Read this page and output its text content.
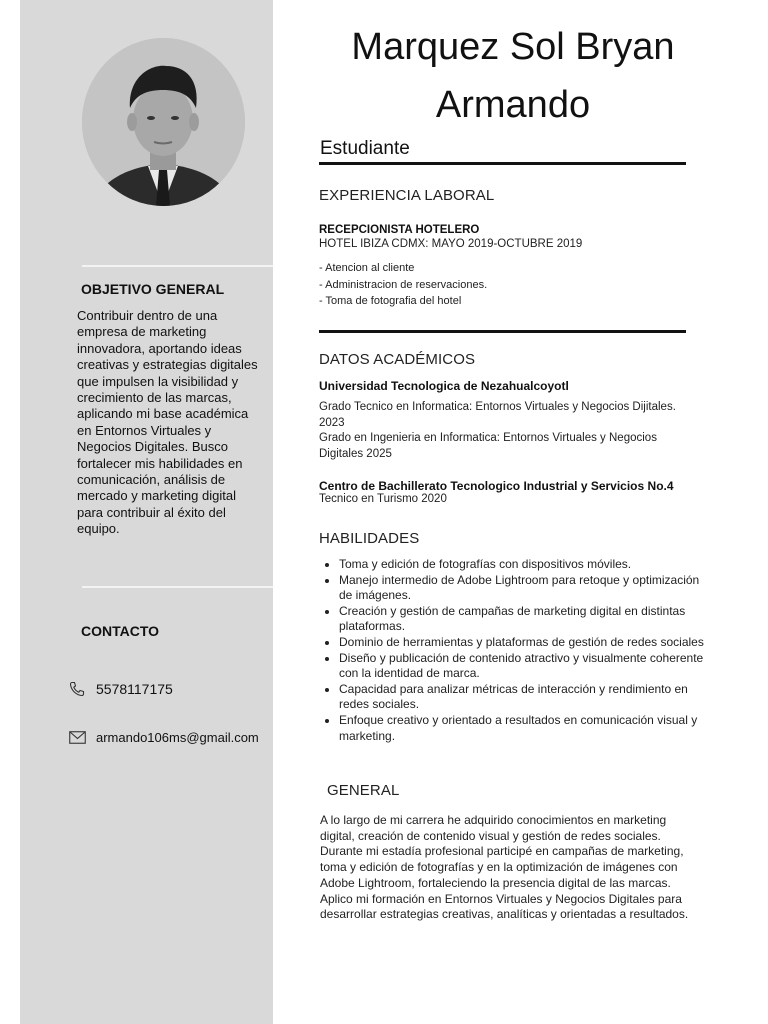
OBJETIVO GENERAL
Contribuir dentro de una empresa de marketing innovadora, aportando ideas creativas y estrategias digitales que impulsen la visibilidad y crecimiento de las marcas, aplicando mi base académica en Entornos Virtuales y Negocios Digitales. Busco fortalecer mis habilidades en comunicación, análisis de mercado y marketing digital para contribuir al éxito del equipo.
CONTACTO
5578117175
armando106ms@gmail.com
Marquez Sol Bryan Armando
Estudiante
EXPERIENCIA LABORAL
RECEPCIONISTA HOTELERO
HOTEL IBIZA CDMX: MAYO 2019-OCTUBRE 2019
- Atencion al cliente
- Administracion de reservaciones.
- Toma de fotografia del hotel
DATOS ACADÉMICOS
Universidad Tecnologica de Nezahualcoyotl
Grado Tecnico en Informatica: Entornos Virtuales y Negocios Dijitales. 2023
Grado en Ingenieria en Informatica: Entornos Virtuales y Negocios Digitales 2025
Centro de Bachillerato Tecnologico Industrial y Servicios No.4
Tecnico en Turismo 2020
HABILIDADES
• Toma y edición de fotografías con dispositivos móviles.
• Manejo intermedio de Adobe Lightroom para retoque y optimización de imágenes.
• Creación y gestión de campañas de marketing digital en distintas plataformas.
• Dominio de herramientas y plataformas de gestión de redes sociales
• Diseño y publicación de contenido atractivo y visualmente coherente con la identidad de marca.
• Capacidad para analizar métricas de interacción y rendimiento en redes sociales.
• Enfoque creativo y orientado a resultados en comunicación visual y marketing.
GENERAL
A lo largo de mi carrera he adquirido conocimientos en marketing digital, creación de contenido visual y gestión de redes sociales. Durante mi estadía profesional participé en campañas de marketing, toma y edición de fotografías y en la optimización de imágenes con Adobe Lightroom, fortaleciendo la presencia digital de las marcas.
Aplico mi formación en Entornos Virtuales y Negocios Digitales para desarrollar estrategias creativas, analíticas y orientadas a resultados.
